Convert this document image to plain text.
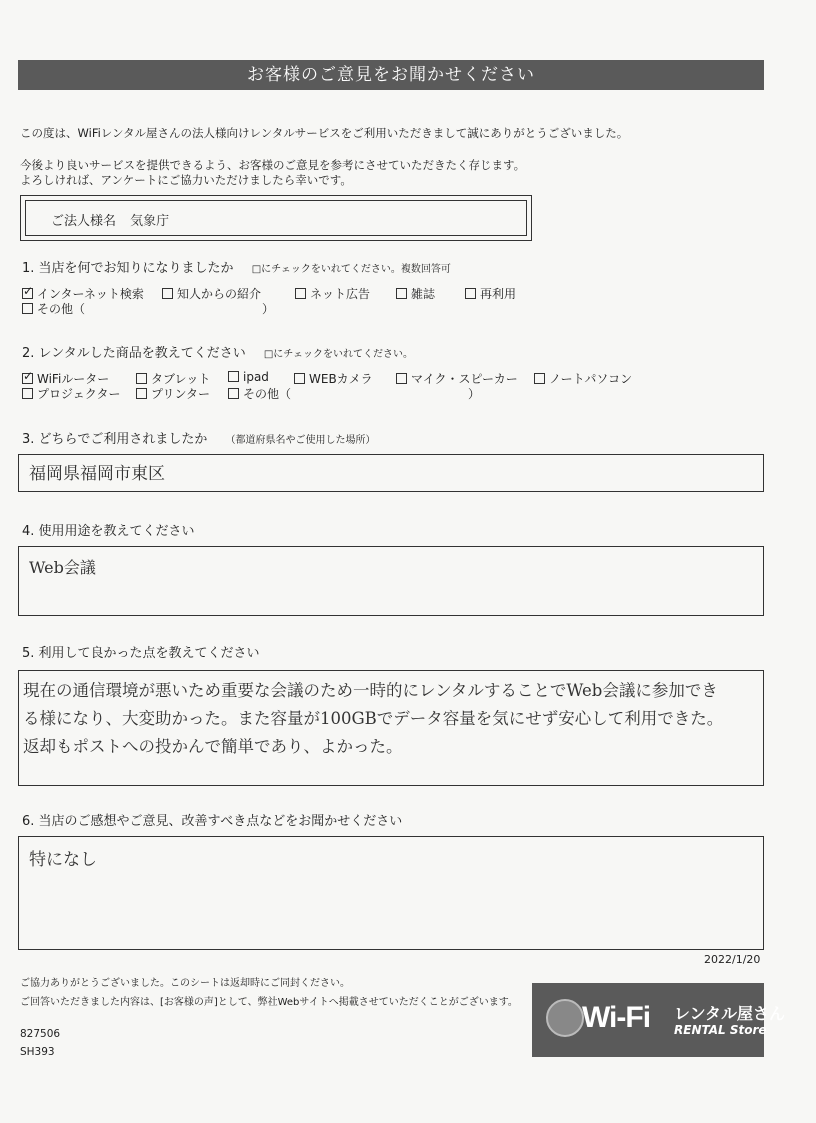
お客様のご意見をお聞かせください
この度は、WiFiレンタル屋さんの法人様向けレンタルサービスをご利用いただきまして誠にありがとうございました。
今後より良いサービスを提供できるよう、お客様のご意見を参考にさせていただきたく存じます。
よろしければ、アンケートにご協力いただけましたら幸いです。
ご法人様名 気象庁
1. 当店を何でお知りになりましたか □にチェックをいれてください。複数回答可
✓インターネット検索	知人からの紹介	ネット広告	雑誌	再利用
その他（	）
2. レンタルした商品を教えてください □にチェックをいれてください。
✓WiFiルーター	タブレット	ipad	WEBカメラ	マイク・スピーカー	ノートパソコン
プロジェクター	プリンター	その他（	）
3. どちらでご利用されましたか （都道府県名やご使用した場所）
福岡県福岡市東区
4. 使用用途を教えてください
Web会議
5. 利用して良かった点を教えてください
現在の通信環境が悪いため重要な会議のため一時的にレンタルすることでWeb会議に参加でき
る様になり、大変助かった。また容量が100GBでデータ容量を気にせず安心して利用できた。
返却もポストへの投かんで簡単であり、よかった。
6. 当店のご感想やご意見、改善すべき点などをお聞かせください
特になし
2022/1/20
ご協力ありがとうございました。このシートは返却時にご同封ください。
ご回答いただきました内容は、[お客様の声]として、弊社Webサイトへ掲載させていただくことがございます。
827506
SH393
Wi-Fi レンタル屋さん
RENTAL Store
